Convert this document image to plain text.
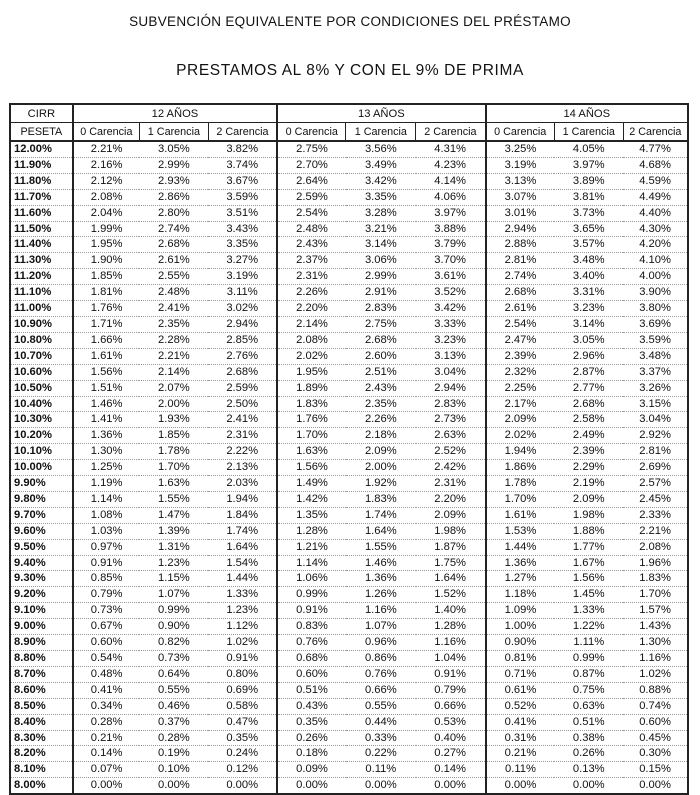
SUBVENCIÓN EQUIVALENTE POR CONDICIONES DEL PRÉSTAMO
PRESTAMOS AL 8% Y CON EL 9% DE PRIMA
CIRR	12 AÑOS			13 AÑOS			14 AÑOS		
PESETA	0 Carencia	1 Carencia	2 Carencia	0 Carencia	1 Carencia	2 Carencia	0 Carencia	1 Carencia	2 Carencia
12.00%	2.21%	3.05%	3.82%	2.75%	3.56%	4.31%	3.25%	4.05%	4.77%
11.90%	2.16%	2.99%	3.74%	2.70%	3.49%	4.23%	3.19%	3.97%	4.68%
11.80%	2.12%	2.93%	3.67%	2.64%	3.42%	4.14%	3.13%	3.89%	4.59%
11.70%	2.08%	2.86%	3.59%	2.59%	3.35%	4.06%	3.07%	3.81%	4.49%
11.60%	2.04%	2.80%	3.51%	2.54%	3.28%	3.97%	3.01%	3.73%	4.40%
11.50%	1.99%	2.74%	3.43%	2.48%	3.21%	3.88%	2.94%	3.65%	4.30%
11.40%	1.95%	2.68%	3.35%	2.43%	3.14%	3.79%	2.88%	3.57%	4.20%
11.30%	1.90%	2.61%	3.27%	2.37%	3.06%	3.70%	2.81%	3.48%	4.10%
11.20%	1.85%	2.55%	3.19%	2.31%	2.99%	3.61%	2.74%	3.40%	4.00%
11.10%	1.81%	2.48%	3.11%	2.26%	2.91%	3.52%	2.68%	3.31%	3.90%
11.00%	1.76%	2.41%	3.02%	2.20%	2.83%	3.42%	2.61%	3.23%	3.80%
10.90%	1.71%	2.35%	2.94%	2.14%	2.75%	3.33%	2.54%	3.14%	3.69%
10.80%	1.66%	2.28%	2.85%	2.08%	2.68%	3.23%	2.47%	3.05%	3.59%
10.70%	1.61%	2.21%	2.76%	2.02%	2.60%	3.13%	2.39%	2.96%	3.48%
10.60%	1.56%	2.14%	2.68%	1.95%	2.51%	3.04%	2.32%	2.87%	3.37%
10.50%	1.51%	2.07%	2.59%	1.89%	2.43%	2.94%	2.25%	2.77%	3.26%
10.40%	1.46%	2.00%	2.50%	1.83%	2.35%	2.83%	2.17%	2.68%	3.15%
10.30%	1.41%	1.93%	2.41%	1.76%	2.26%	2.73%	2.09%	2.58%	3.04%
10.20%	1.36%	1.85%	2.31%	1.70%	2.18%	2.63%	2.02%	2.49%	2.92%
10.10%	1.30%	1.78%	2.22%	1.63%	2.09%	2.52%	1.94%	2.39%	2.81%
10.00%	1.25%	1.70%	2.13%	1.56%	2.00%	2.42%	1.86%	2.29%	2.69%
9.90%	1.19%	1.63%	2.03%	1.49%	1.92%	2.31%	1.78%	2.19%	2.57%
9.80%	1.14%	1.55%	1.94%	1.42%	1.83%	2.20%	1.70%	2.09%	2.45%
9.70%	1.08%	1.47%	1.84%	1.35%	1.74%	2.09%	1.61%	1.98%	2.33%
9.60%	1.03%	1.39%	1.74%	1.28%	1.64%	1.98%	1.53%	1.88%	2.21%
9.50%	0.97%	1.31%	1.64%	1.21%	1.55%	1.87%	1.44%	1.77%	2.08%
9.40%	0.91%	1.23%	1.54%	1.14%	1.46%	1.75%	1.36%	1.67%	1.96%
9.30%	0.85%	1.15%	1.44%	1.06%	1.36%	1.64%	1.27%	1.56%	1.83%
9.20%	0.79%	1.07%	1.33%	0.99%	1.26%	1.52%	1.18%	1.45%	1.70%
9.10%	0.73%	0.99%	1.23%	0.91%	1.16%	1.40%	1.09%	1.33%	1.57%
9.00%	0.67%	0.90%	1.12%	0.83%	1.07%	1.28%	1.00%	1.22%	1.43%
8.90%	0.60%	0.82%	1.02%	0.76%	0.96%	1.16%	0.90%	1.11%	1.30%
8.80%	0.54%	0.73%	0.91%	0.68%	0.86%	1.04%	0.81%	0.99%	1.16%
8.70%	0.48%	0.64%	0.80%	0.60%	0.76%	0.91%	0.71%	0.87%	1.02%
8.60%	0.41%	0.55%	0.69%	0.51%	0.66%	0.79%	0.61%	0.75%	0.88%
8.50%	0.34%	0.46%	0.58%	0.43%	0.55%	0.66%	0.52%	0.63%	0.74%
8.40%	0.28%	0.37%	0.47%	0.35%	0.44%	0.53%	0.41%	0.51%	0.60%
8.30%	0.21%	0.28%	0.35%	0.26%	0.33%	0.40%	0.31%	0.38%	0.45%
8.20%	0.14%	0.19%	0.24%	0.18%	0.22%	0.27%	0.21%	0.26%	0.30%
8.10%	0.07%	0.10%	0.12%	0.09%	0.11%	0.14%	0.11%	0.13%	0.15%
8.00%	0.00%	0.00%	0.00%	0.00%	0.00%	0.00%	0.00%	0.00%	0.00%
